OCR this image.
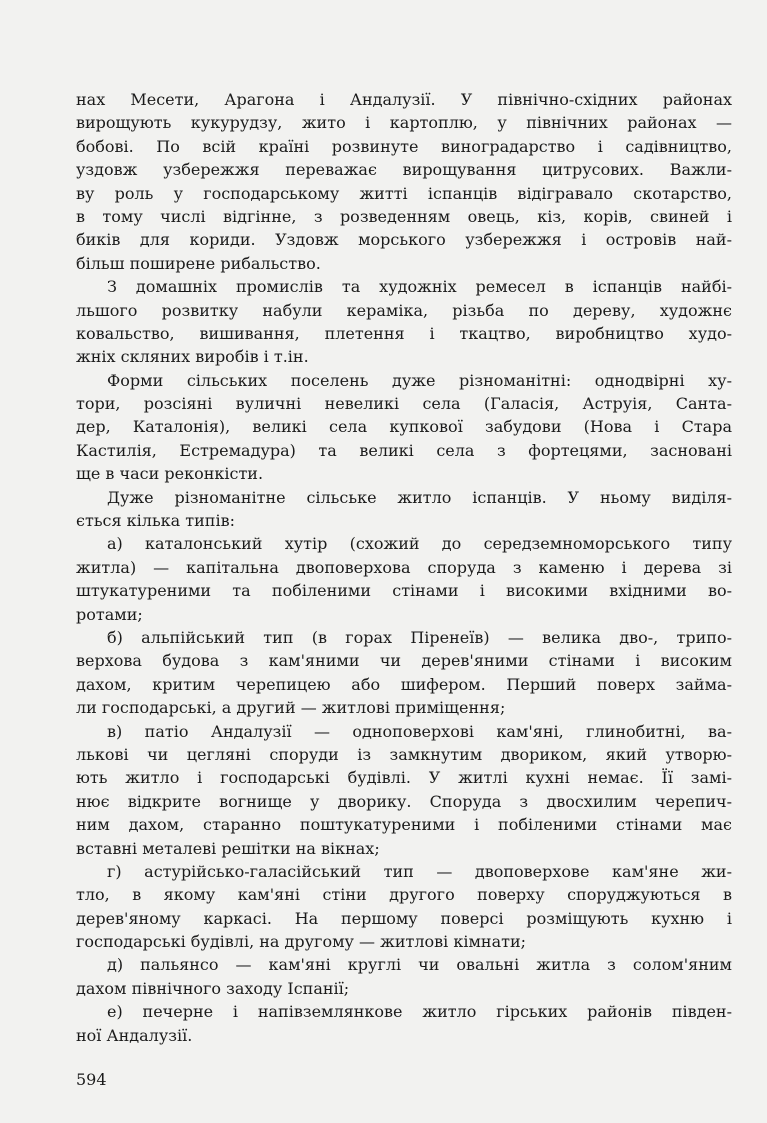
нах Месети, Арагона і Андалузії. У північно-східних районах
вирощують кукурудзу, жито і картоплю, у північних районах —
бобові. По всій країні розвинуте виноградарство і садівництво,
уздовж узбережжя переважає вирощування цитрусових. Важли-
ву роль у господарському житті іспанців відігравало скотарство,
в тому числі відгінне, з розведенням овець, кіз, корів, свиней і
биків для кориди. Уздовж морського узбережжя і островів най-
більш поширене рибальство.
З домашніх промислів та художніх ремесел в іспанців найбі-
льшого розвитку набули кераміка, різьба по дереву, художнє
ковальство, вишивання, плетення і ткацтво, виробництво худо-
жніх скляних виробів і т.ін.
Форми сільських поселень дуже різноманітні: однодвірні ху-
тори, розсіяні вуличні невеликі села (Галасія, Аструія, Санта-
дер, Каталонія), великі села купкової забудови (Нова і Стара
Кастилія, Естремадура) та великі села з фортецями, засновані
ще в часи реконкісти.
Дуже різноманітне сільське житло іспанців. У ньому виділя-
ється кілька типів:
а) каталонський хутір (схожий до середземноморського типу
житла) — капітальна двоповерхова споруда з каменю і дерева зі
штукатуреними та побіленими стінами і високими вхідними во-
ротами;
б) альпійський тип (в горах Піренеїв) — велика дво-, трипо-
верхова будова з кам'яними чи дерев'яними стінами і високим
дахом, критим черепицею або шифером. Перший поверх займа-
ли господарські, а другий — житлові приміщення;
в) патіо Андалузії — одноповерхові кам'яні, глинобитні, ва-
лькові чи цегляні споруди із замкнутим двориком, який утворю-
ють житло і господарські будівлі. У житлі кухні немає. Її замі-
нює відкрите вогнище у дворику. Споруда з двосхилим черепич-
ним дахом, старанно поштукатуреними і побіленими стінами має
вставні металеві решітки на вікнах;
г) астурійсько-галасійський тип — двоповерхове кам'яне жи-
тло, в якому кам'яні стіни другого поверху споруджуються в
дерев'яному каркасі. На першому поверсі розміщують кухню і
господарські будівлі, на другому — житлові кімнати;
д) пальянсо — кам'яні круглі чи овальні житла з солом'яним
дахом північного заходу Іспанії;
е) печерне і напівземлянкове житло гірських районів півден-
ної Андалузії.
594
